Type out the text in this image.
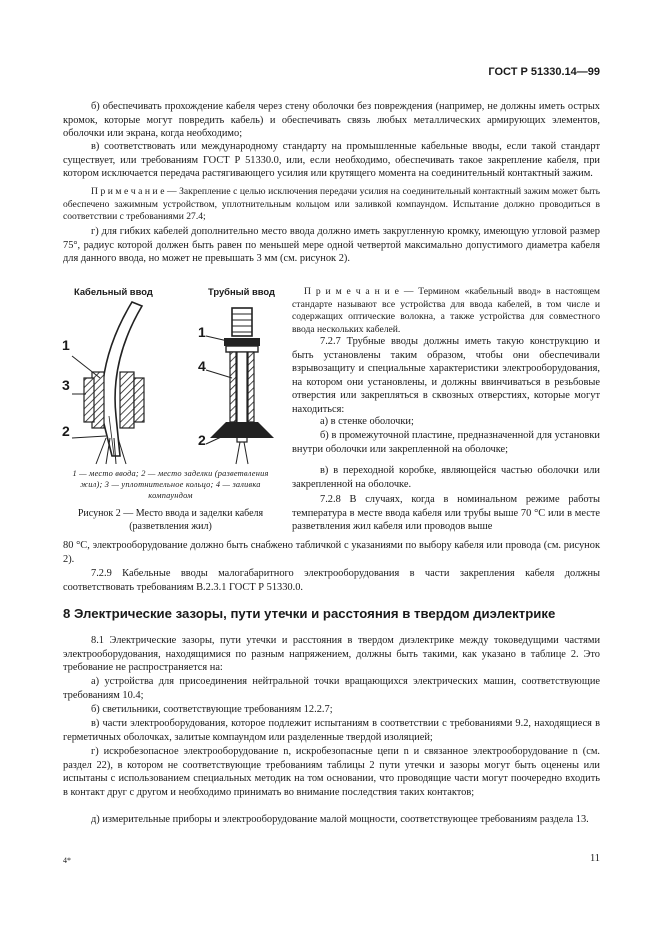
ГОСТ Р 51330.14—99
б) обеспечивать прохождение кабеля через стену оболочки без повреждения (например, не должны иметь острых кромок, которые могут повредить кабель) и обеспечивать связь любых металлических армирующих элементов, оболочки или экрана, когда необходимо;
в) соответствовать или международному стандарту на промышленные кабельные вводы, если такой стандарт существует, или требованиям ГОСТ Р 51330.0, или, если необходимо, обеспечивать такое закрепление кабеля, при котором исключается передача растягивающего усилия или крутящего момента на соединительный контактный зажим.
П р и м е ч а н и е — Закрепление с целью исключения передачи усилия на соединительный контактный зажим может быть обеспечено зажимным устройством, уплотнительным кольцом или заливкой компаундом. Испытание должно проводиться в соответствии с требованиями 27.4;
г) для гибких кабелей дополнительно место ввода должно иметь закругленную кромку, имеющую угловой размер 75°, радиус которой должен быть равен по меньшей мере одной четвертой максимально допустимого диаметра кабеля для данного ввода, но может не превышать 3 мм (см. рисунок 2).
Кабельный ввод	Трубный ввод
1
3
2
1
4
2
1 — место ввода; 2 — место заделки (разветвления жил); 3 — уплотнительное кольцо; 4 — заливка компаундом
Рисунок 2 — Место ввода и заделки кабеля
(разветвления жил)
П р и м е ч а н и е — Термином «кабельный ввод» в настоящем стандарте называют все устройства для ввода кабелей, в том числе и содержащих оптические волокна, а также устройства для совместного ввода нескольких кабелей.
7.2.7 Трубные вводы должны иметь такую конструкцию и быть установлены таким образом, чтобы они обеспечивали взрывозащиту и специальные характеристики электрооборудования, на котором они установлены, и должны ввинчиваться в резьбовые отверстия или закрепляться в сквозных отверстиях, которые могут находиться:
а) в стенке оболочки;
б) в промежуточной пластине, предназначенной для установки внутри оболочки или закрепленной на оболочке;
в) в переходной коробке, являющейся частью оболочки или закрепленной на оболочке.
7.2.8 В случаях, когда в номинальном режиме работы температура в месте ввода кабеля или трубы выше 70 °С или в месте разветвления жил кабеля или проводов выше
80 °С, электрооборудование должно быть снабжено табличкой с указаниями по выбору кабеля или провода (см. рисунок 2).
7.2.9 Кабельные вводы малогабаритного электрооборудования в части закрепления кабеля должны соответствовать требованиям В.2.3.1 ГОСТ Р 51330.0.
8 Электрические зазоры, пути утечки и расстояния в твердом диэлектрике
8.1 Электрические зазоры, пути утечки и расстояния в твердом диэлектрике между токоведущими частями электрооборудования, находящимися по разным напряжением, должны быть такими, как указано в таблице 2. Это требование не распространяется на:
а) устройства для присоединения нейтральной точки вращающихся электрических машин, соответствующие требованиям 10.4;
б) светильники, соответствующие требованиям 12.2.7;
в) части электрооборудования, которое подлежит испытаниям в соответствии с требованиями 9.2, находящиеся в герметичных оболочках, залитые компаундом или разделенные твердой изоляцией;
г) искробезопасное электрооборудование n, искробезопасные цепи n и связанное электрооборудование n (см. раздел 22), в котором не соответствующие требованиям таблицы 2 пути утечки и зазоры могут быть оценены или испытаны с использованием специальных методик на том основании, что проводящие части могут поочередно входить в контакт друг с другом и необходимо принимать во внимание последствия таких контактов;
д) измерительные приборы и электрооборудование малой мощности, соответствующее требованиям раздела 13.
4*	11
